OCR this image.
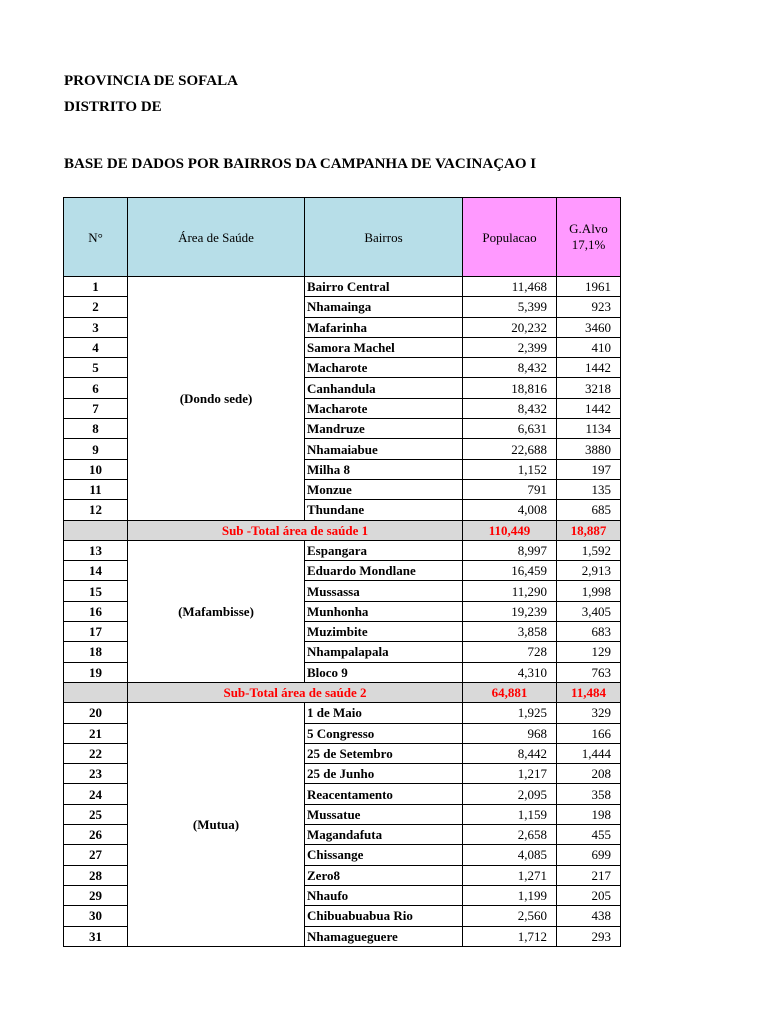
PROVINCIA DE SOFALA
DISTRITO DE
BASE DE DADOS POR BAIRROS DA CAMPANHA DE VACINAÇAO I
N°	Área de Saúde	Bairros	Populacao	G.Alvo 17,1%
1	(Dondo sede)	Bairro Central	11,468	1961
2		Nhamainga	5,399	923
3		Mafarinha	20,232	3460
4		Samora Machel	2,399	410
5		Macharote	8,432	1442
6		Canhandula	18,816	3218
7		Macharote	8,432	1442
8		Mandruze	6,631	1134
9		Nhamaiabue	22,688	3880
10		Milha 8	1,152	197
11		Monzue	791	135
12		Thundane	4,008	685
	Sub -Total área de saúde 1		110,449	18,887
13	(Mafambisse)	Espangara	8,997	1,592
14		Eduardo Mondlane	16,459	2,913
15		Mussassa	11,290	1,998
16		Munhonha	19,239	3,405
17		Muzimbite	3,858	683
18		Nhampalapala	728	129
19		Bloco 9	4,310	763
	Sub-Total área de saúde 2		64,881	11,484
20	(Mutua)	1 de Maio	1,925	329
21		5 Congresso	968	166
22		25 de Setembro	8,442	1,444
23		25 de Junho	1,217	208
24		Reacentamento	2,095	358
25		Mussatue	1,159	198
26		Magandafuta	2,658	455
27		Chissange	4,085	699
28		Zero8	1,271	217
29		Nhaufo	1,199	205
30		Chibuabuabua Rio	2,560	438
31		Nhamagueguere	1,712	293
